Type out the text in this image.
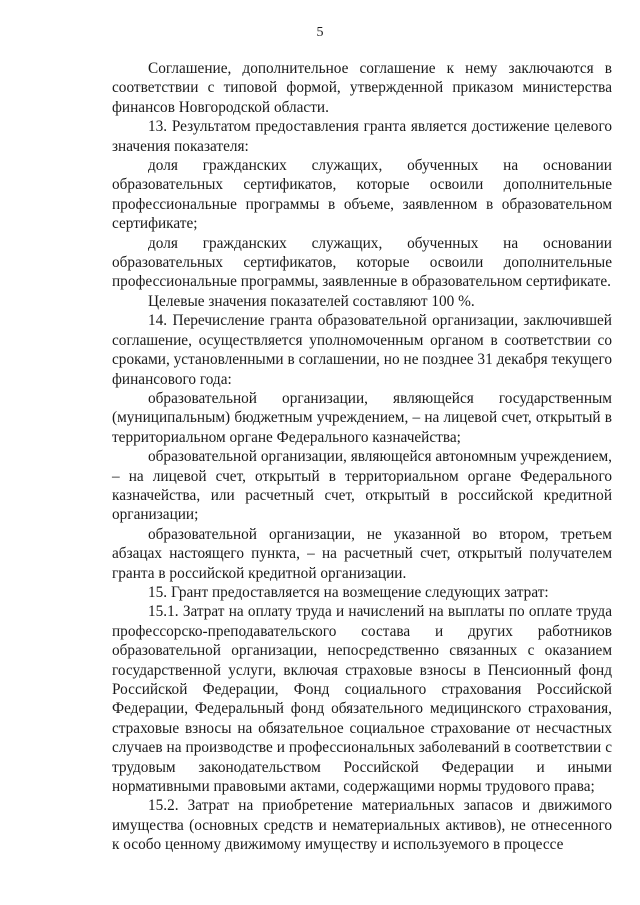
5

Соглашение, дополнительное соглашение к нему заключаются в соответствии с типовой формой, утвержденной приказом министерства финансов Новгородской области.

13. Результатом предоставления гранта является достижение целевого значения показателя:

доля гражданских служащих, обученных на основании образовательных сертификатов, которые освоили дополнительные профессиональные программы в объеме, заявленном в образовательном сертификате;

доля гражданских служащих, обученных на основании образовательных сертификатов, которые освоили дополнительные профессиональные программы, заявленные в образовательном сертификате.

Целевые значения показателей составляют 100 %.

14. Перечисление гранта образовательной организации, заключившей соглашение, осуществляется уполномоченным органом в соответствии со сроками, установленными в соглашении, но не позднее 31 декабря текущего финансового года:

образовательной организации, являющейся государственным (муниципальным) бюджетным учреждением, – на лицевой счет, открытый в территориальном органе Федерального казначейства;

образовательной организации, являющейся автономным учреждением, – на лицевой счет, открытый в территориальном органе Федерального казначейства, или расчетный счет, открытый в российской кредитной организации;

образовательной организации, не указанной во втором, третьем абзацах настоящего пункта, – на расчетный счет, открытый получателем гранта в российской кредитной организации.

15. Грант предоставляется на возмещение следующих затрат:

15.1. Затрат на оплату труда и начислений на выплаты по оплате труда профессорско-преподавательского состава и других работников образовательной организации, непосредственно связанных с оказанием государственной услуги, включая страховые взносы в Пенсионный фонд Российской Федерации, Фонд социального страхования Российской Федерации, Федеральный фонд обязательного медицинского страхования, страховые взносы на обязательное социальное страхование от несчастных случаев на производстве и профессиональных заболеваний в соответствии с трудовым законодательством Российской Федерации и иными нормативными правовыми актами, содержащими нормы трудового права;

15.2. Затрат на приобретение материальных запасов и движимого имущества (основных средств и нематериальных активов), не отнесенного к особо ценному движимому имуществу и используемого в процессе
